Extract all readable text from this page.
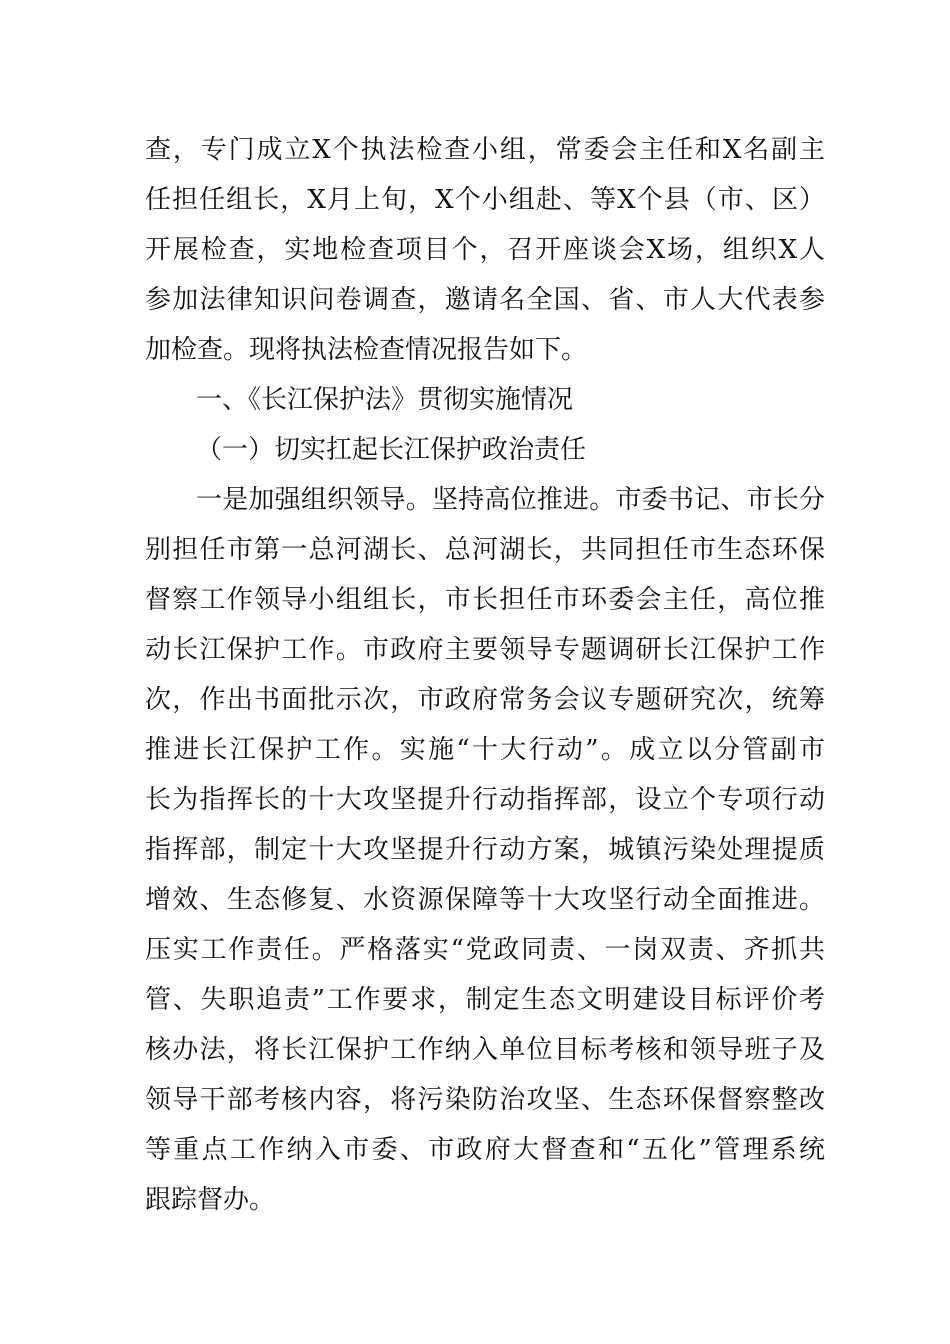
查，专门成立X个执法检查小组，常委会主任和X名副主
任担任组长，X月上旬，X个小组赴、等X个县（市、区）
开展检查，实地检查项目个，召开座谈会X场，组织X人
参加法律知识问卷调查，邀请名全国、省、市人大代表参
加检查。现将执法检查情况报告如下。
一、《长江保护法》贯彻实施情况
（一）切实扛起长江保护政治责任
一是加强组织领导。坚持高位推进。市委书记、市长分
别担任市第一总河湖长、总河湖长，共同担任市生态环保
督察工作领导小组组长，市长担任市环委会主任，高位推
动长江保护工作。市政府主要领导专题调研长江保护工作
次，作出书面批示次，市政府常务会议专题研究次，统筹
推进长江保护工作。实施“十大行动”。成立以分管副市
长为指挥长的十大攻坚提升行动指挥部，设立个专项行动
指挥部，制定十大攻坚提升行动方案，城镇污染处理提质
增效、生态修复、水资源保障等十大攻坚行动全面推进。
压实工作责任。严格落实“党政同责、一岗双责、齐抓共
管、失职追责”工作要求，制定生态文明建设目标评价考
核办法，将长江保护工作纳入单位目标考核和领导班子及
领导干部考核内容，将污染防治攻坚、生态环保督察整改
等重点工作纳入市委、市政府大督查和“五化”管理系统
跟踪督办。
